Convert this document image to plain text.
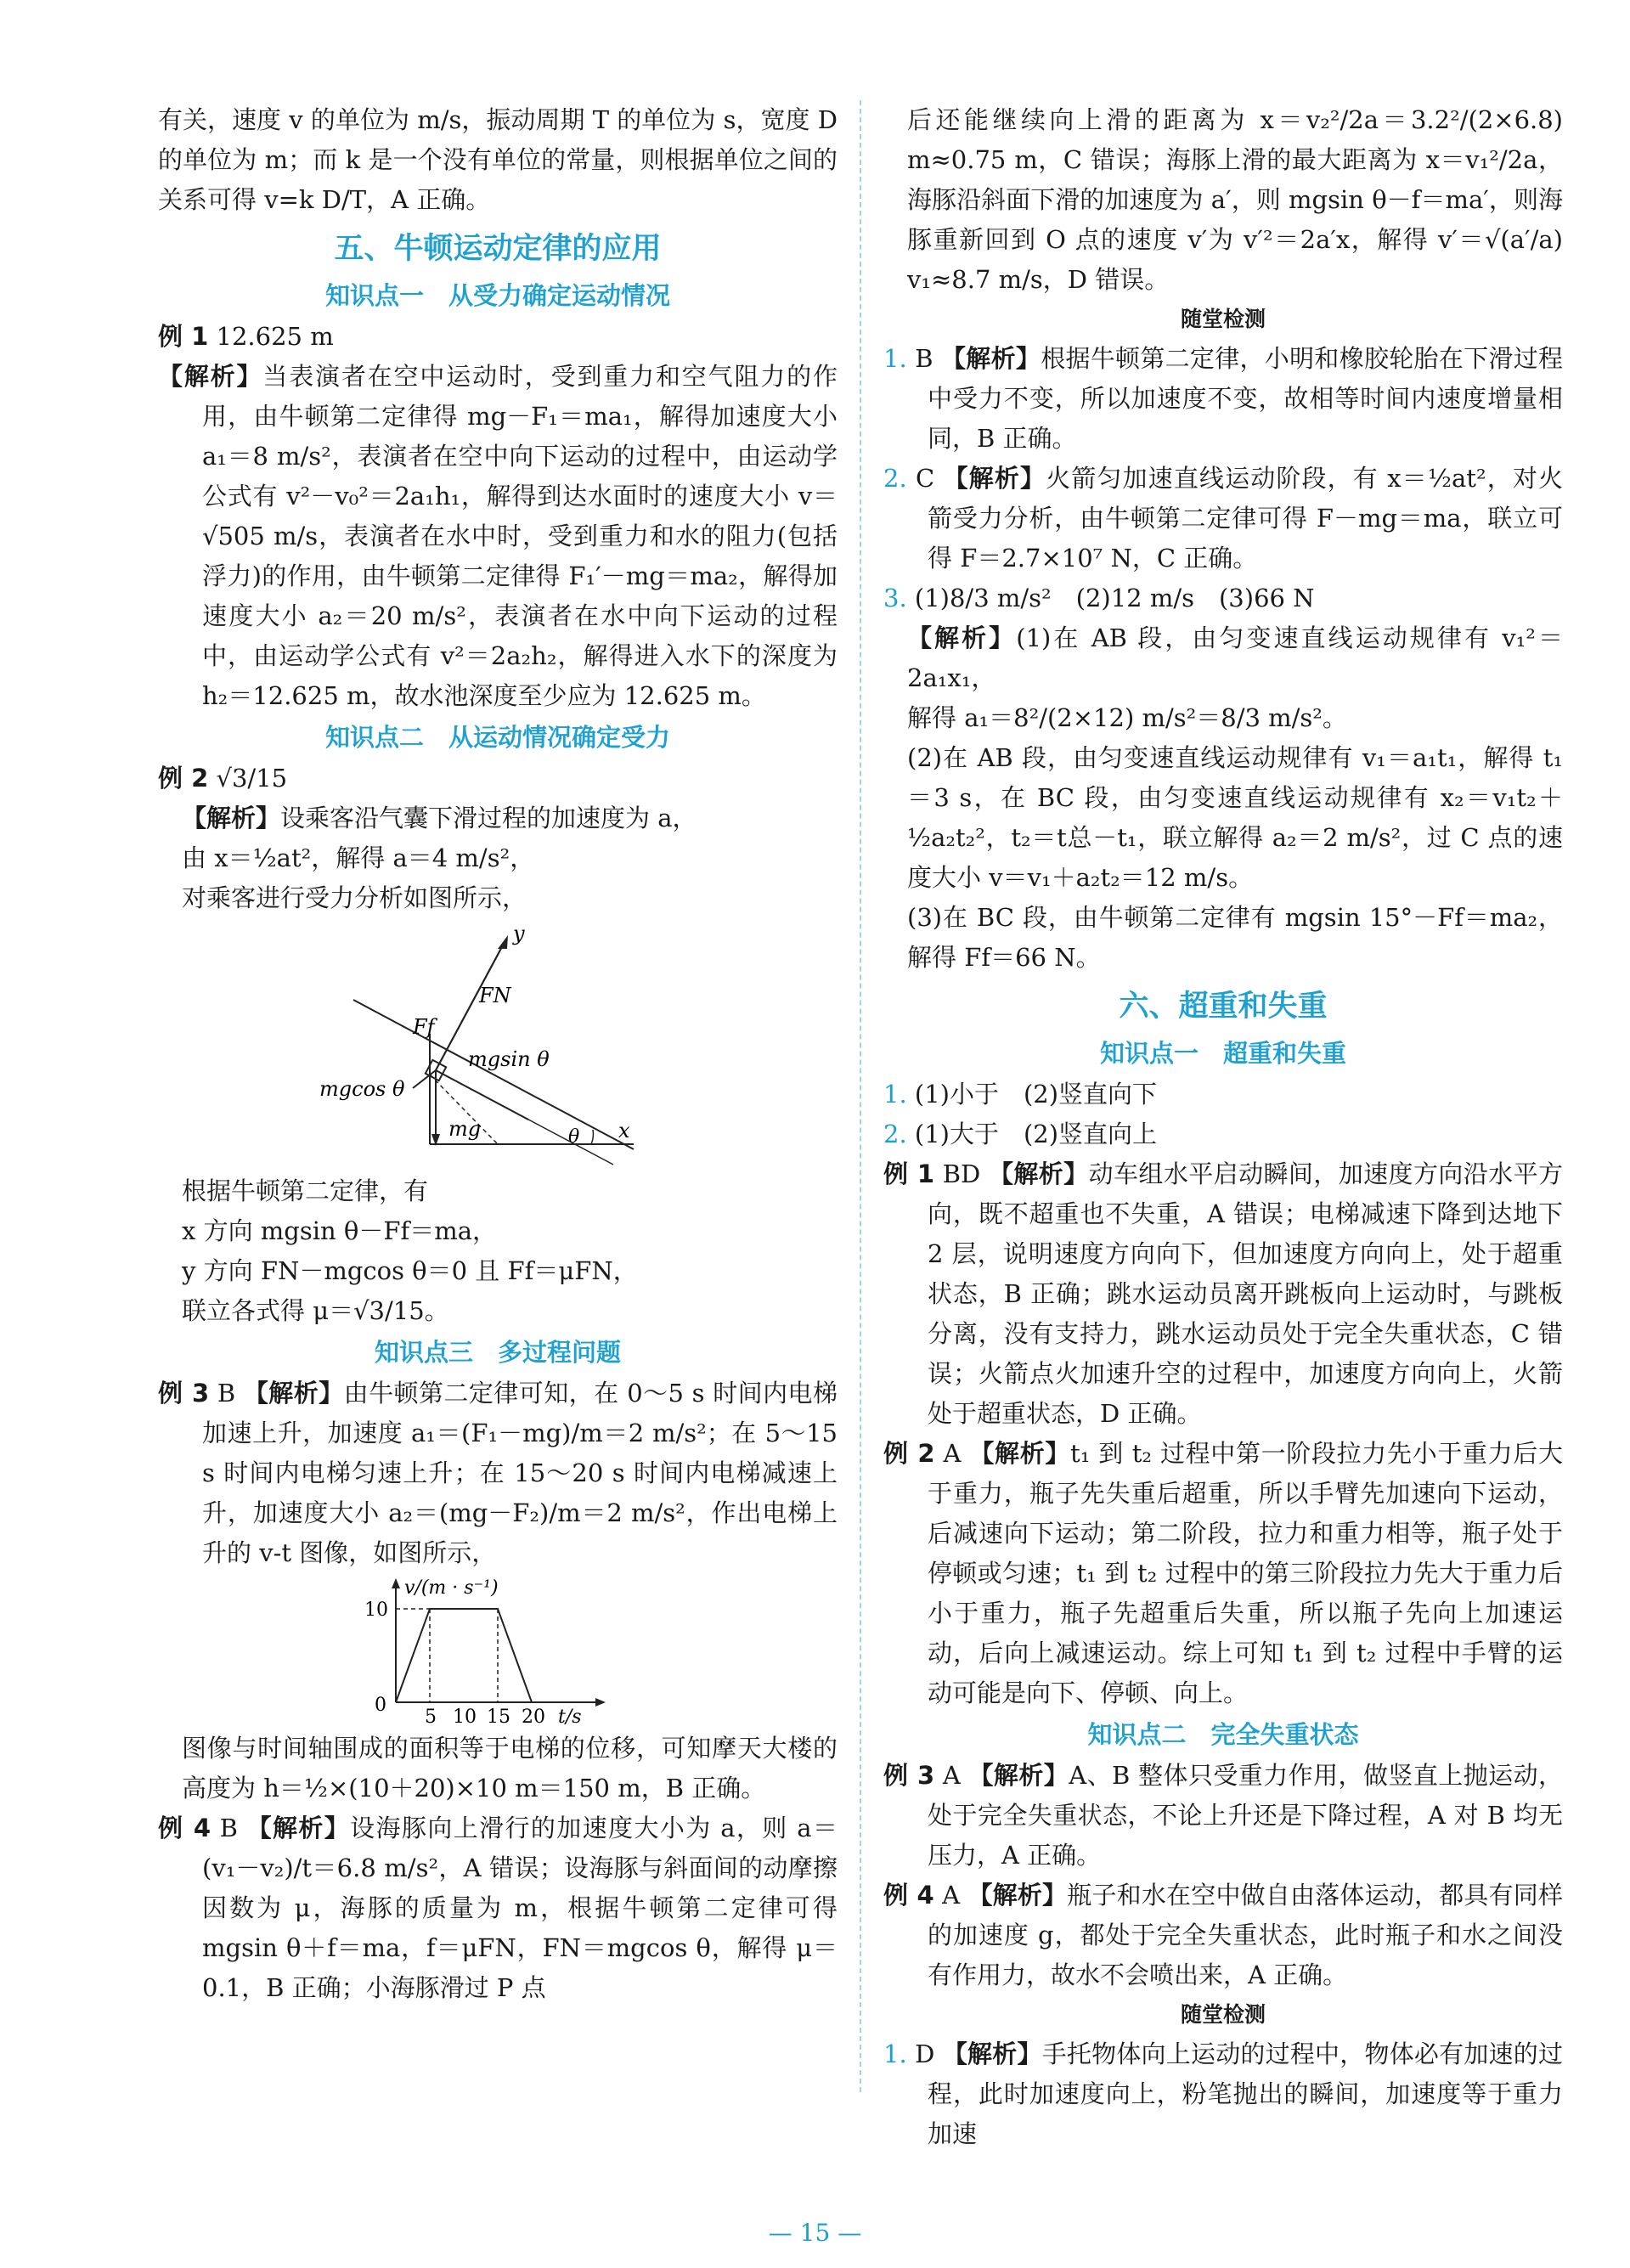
有关，速度 v 的单位为 m/s，振动周期 T 的单位为 s，宽度 D 的单位为 m；而 k 是一个没有单位的常量，则根据单位之间的关系可得 v=k D/T，A 正确。

五、牛顿运动定律的应用
知识点一　从受力确定运动情况

例 1 12.625 m

【解析】当表演者在空中运动时，受到重力和空气阻力的作用，由牛顿第二定律得 mg－F₁＝ma₁，解得加速度大小 a₁＝8 m/s²，表演者在空中向下运动的过程中，由运动学公式有 v²－v₀²＝2a₁h₁，解得到达水面时的速度大小 v＝√505 m/s，表演者在水中时，受到重力和水的阻力(包括浮力)的作用，由牛顿第二定律得 F₁′－mg＝ma₂，解得加速度大小 a₂＝20 m/s²，表演者在水中向下运动的过程中，由运动学公式有 v²＝2a₂h₂，解得进入水下的深度为 h₂＝12.625 m，故水池深度至少应为 12.625 m。

知识点二　从运动情况确定受力

例 2 √3/15

【解析】设乘客沿气囊下滑过程的加速度为 a，

由 x＝½at²，解得 a＝4 m/s²，

对乘客进行受力分析如图所示，

y
FN
Ff
mgsin θ
mgcos θ
mg	θ x

根据牛顿第二定律，有

x 方向 mgsin θ－Ff＝ma，

y 方向 FN－mgcos θ＝0 且 Ff＝μFN，

联立各式得 μ＝√3/15。

知识点三　多过程问题

例 3 B 【解析】由牛顿第二定律可知，在 0～5 s 时间内电梯加速上升，加速度 a₁＝(F₁－mg)/m＝2 m/s²；在 5～15 s 时间内电梯匀速上升；在 15～20 s 时间内电梯减速上升，加速度大小 a₂＝(mg－F₂)/m＝2 m/s²，作出电梯上升的 v-t 图像，如图所示，

v/(m · s⁻¹)
10
0
5 10 15 20 t/s

图像与时间轴围成的面积等于电梯的位移，可知摩天大楼的高度为 h＝½×(10＋20)×10 m＝150 m，B 正确。

例 4 B 【解析】设海豚向上滑行的加速度大小为 a，则 a＝(v₁－v₂)/t＝6.8 m/s²，A 错误；设海豚与斜面间的动摩擦因数为 μ，海豚的质量为 m，根据牛顿第二定律可得 mgsin θ＋f＝ma，f＝μFN，FN＝mgcos θ，解得 μ＝0.1，B 正确；小海豚滑过 P 点

后还能继续向上滑的距离为 x＝v₂²/2a＝3.2²/(2×6.8) m≈0.75 m，C 错误；海豚上滑的最大距离为 x＝v₁²/2a，海豚沿斜面下滑的加速度为 a′，则 mgsin θ－f＝ma′，则海豚重新回到 O 点的速度 v′为 v′²＝2a′x，解得 v′＝√(a′/a) v₁≈8.7 m/s，D 错误。

随堂检测

1. B 【解析】根据牛顿第二定律，小明和橡胶轮胎在下滑过程中受力不变，所以加速度不变，故相等时间内速度增量相同，B 正确。

2. C 【解析】火箭匀加速直线运动阶段，有 x＝½at²，对火箭受力分析，由牛顿第二定律可得 F－mg＝ma，联立可得 F＝2.7×10⁷ N，C 正确。

3. (1)8/3 m/s²　(2)12 m/s　(3)66 N

【解析】(1)在 AB 段，由匀变速直线运动规律有 v₁²＝2a₁x₁，

解得 a₁＝8²/(2×12) m/s²＝8/3 m/s²。

(2)在 AB 段，由匀变速直线运动规律有 v₁＝a₁t₁，解得 t₁＝3 s，在 BC 段，由匀变速直线运动规律有 x₂＝v₁t₂＋½a₂t₂²，t₂＝t总－t₁，联立解得 a₂＝2 m/s²，过 C 点的速度大小 v＝v₁＋a₂t₂＝12 m/s。

(3)在 BC 段，由牛顿第二定律有 mgsin 15°－Ff＝ma₂，解得 Ff＝66 N。

六、超重和失重
知识点一　超重和失重

1. (1)小于　(2)竖直向下

2. (1)大于　(2)竖直向上

例 1 BD 【解析】动车组水平启动瞬间，加速度方向沿水平方向，既不超重也不失重，A 错误；电梯减速下降到达地下 2 层，说明速度方向向下，但加速度方向向上，处于超重状态，B 正确；跳水运动员离开跳板向上运动时，与跳板分离，没有支持力，跳水运动员处于完全失重状态，C 错误；火箭点火加速升空的过程中，加速度方向向上，火箭处于超重状态，D 正确。

例 2 A 【解析】t₁ 到 t₂ 过程中第一阶段拉力先小于重力后大于重力，瓶子先失重后超重，所以手臂先加速向下运动，后减速向下运动；第二阶段，拉力和重力相等，瓶子处于停顿或匀速；t₁ 到 t₂ 过程中的第三阶段拉力先大于重力后小于重力，瓶子先超重后失重，所以瓶子先向上加速运动，后向上减速运动。综上可知 t₁ 到 t₂ 过程中手臂的运动可能是向下、停顿、向上。

知识点二　完全失重状态

例 3 A 【解析】A、B 整体只受重力作用，做竖直上抛运动，处于完全失重状态，不论上升还是下降过程，A 对 B 均无压力，A 正确。

例 4 A 【解析】瓶子和水在空中做自由落体运动，都具有同样的加速度 g，都处于完全失重状态，此时瓶子和水之间没有作用力，故水不会喷出来，A 正确。

随堂检测

1. D 【解析】手托物体向上运动的过程中，物体必有加速的过程，此时加速度向上，粉笔抛出的瞬间，加速度等于重力加速

— 15 —
